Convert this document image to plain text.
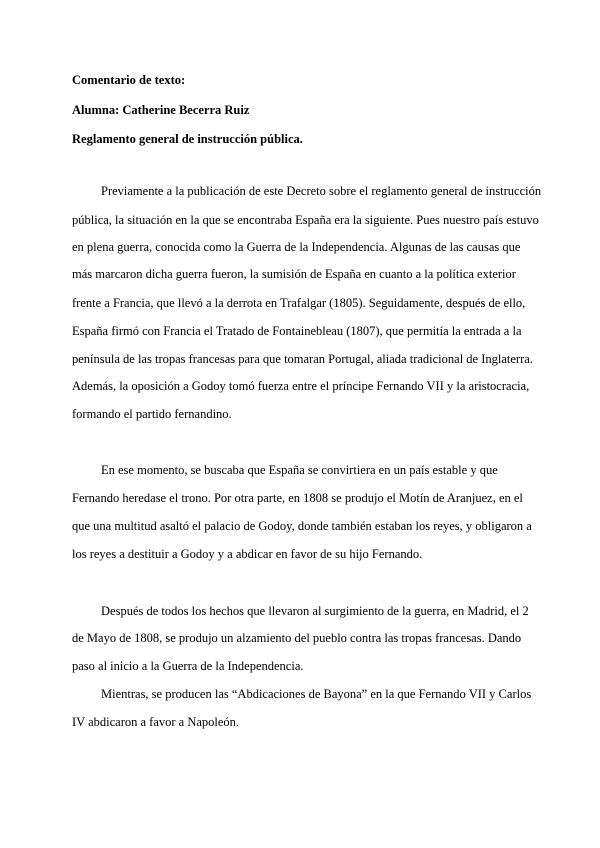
Comentario de texto:

Alumna: Catherine Becerra Ruiz

Reglamento general de instrucción pública.

Previamente a la publicación de este Decreto sobre el reglamento general de instrucción

pública, la situación en la que se encontraba España era la siguiente. Pues nuestro país estuvo

en plena guerra, conocida como la Guerra de la Independencia. Algunas de las causas que

más marcaron dicha guerra fueron, la sumisión de España en cuanto a la política exterior

frente a Francia, que llevó a la derrota en Trafalgar (1805). Seguidamente, después de ello,

España firmó con Francia el Tratado de Fontainebleau (1807), que permitía la entrada a la

península de las tropas francesas para que tomaran Portugal, aliada tradicional de Inglaterra.

Además, la oposición a Godoy tomó fuerza entre el príncipe Fernando VII y la aristocracia,

formando el partido fernandino.

En ese momento, se buscaba que España se convirtiera en un país estable y que

Fernando heredase el trono. Por otra parte, en 1808 se produjo el Motín de Aranjuez, en el

que una multitud asaltó el palacio de Godoy, donde también estaban los reyes, y obligaron a

los reyes a destituir a Godoy y a abdicar en favor de su hijo Fernando.

Después de todos los hechos que llevaron al surgimiento de la guerra, en Madrid, el 2

de Mayo de 1808, se produjo un alzamiento del pueblo contra las tropas francesas. Dando

paso al inicio a la Guerra de la Independencia.

Mientras, se producen las “Abdicaciones de Bayona” en la que Fernando VII y Carlos

IV abdicaron a favor a Napoleón.
